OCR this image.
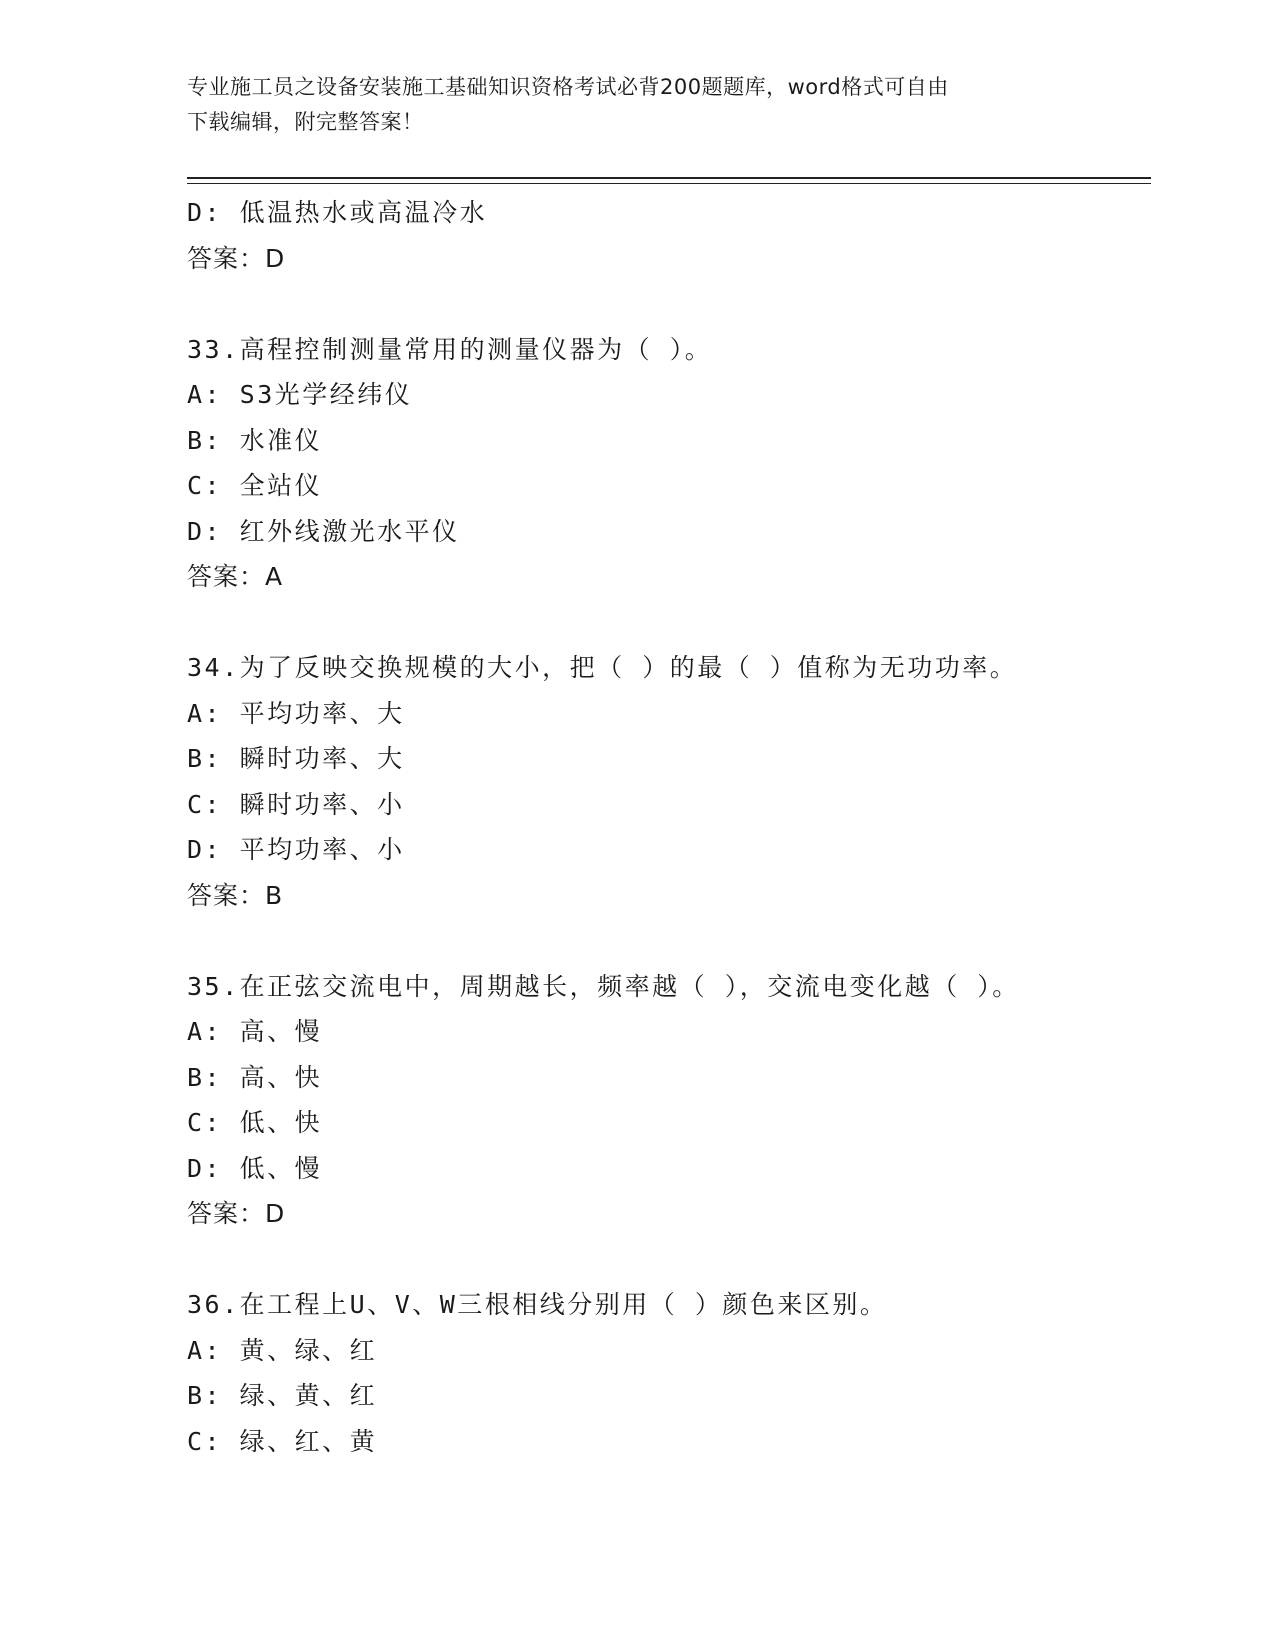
专业施工员之设备安装施工基础知识资格考试必背200题题库，word格式可自由
下载编辑，附完整答案！
D: 低温热水或高温冷水
答案：D
33.高程控制测量常用的测量仪器为（ ）。
A: S3光学经纬仪
B: 水准仪
C: 全站仪
D: 红外线激光水平仪
答案：A
34.为了反映交换规模的大小，把（ ）的最（ ）值称为无功功率。
A: 平均功率、大
B: 瞬时功率、大
C: 瞬时功率、小
D: 平均功率、小
答案：B
35.在正弦交流电中，周期越长，频率越（ ），交流电变化越（ ）。
A: 高、慢
B: 高、快
C: 低、快
D: 低、慢
答案：D
36.在工程上U、V、W三根相线分别用（ ）颜色来区别。
A: 黄、绿、红
B: 绿、黄、红
C: 绿、红、黄
